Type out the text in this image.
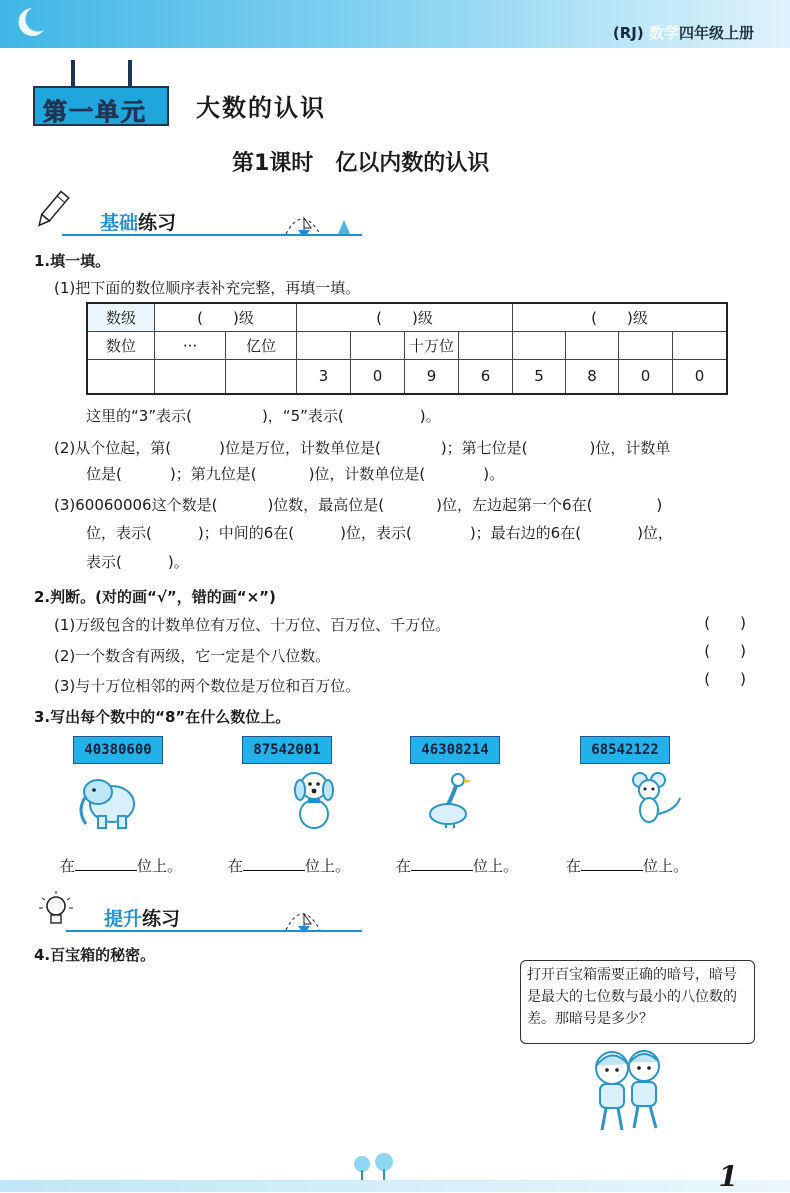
(RJ) 数学四年级上册
第一单元 大数的认识
第1课时　亿以内数的认识
基础练习
1.填一填。
(1)把下面的数位顺序表补充完整，再填一填。
数级	(　　)级		(　　)级				(　　)级			
数位	···	亿位			十万位					
			3	0	9	6	5	8	0	0
这里的“3”表示(	)，“5”表示(	)。
(2)从个位起，第(	)位是万位，计数单位是(	)；第七位是(	)位，计数单
位是(	)；第九位是(	)位，计数单位是(	)。
(3)60060006这个数是(	)位数，最高位是(	)位，左边起第一个6在(	)
位，表示(	)；中间的6在(	)位，表示(	)；最右边的6在(	)位，
表示(	)。
2.判断。(对的画“√”，错的画“×”)
(1)万级包含的计数单位有万位、十万位、百万位、千万位。	(　　)
(2)一个数含有两级，它一定是个八位数。	(　　)
(3)与十万位相邻的两个数位是万位和百万位。	(　　)
3.写出每个数中的“8”在什么数位上。
40380600	87542001	46308214	68542122
在	位上。	在	位上。	在	位上。	在	位上。
提升练习
4.百宝箱的秘密。
打开百宝箱需要正确的暗号，暗号是最大的七位数与最小的八位数的差。那暗号是多少？
1
